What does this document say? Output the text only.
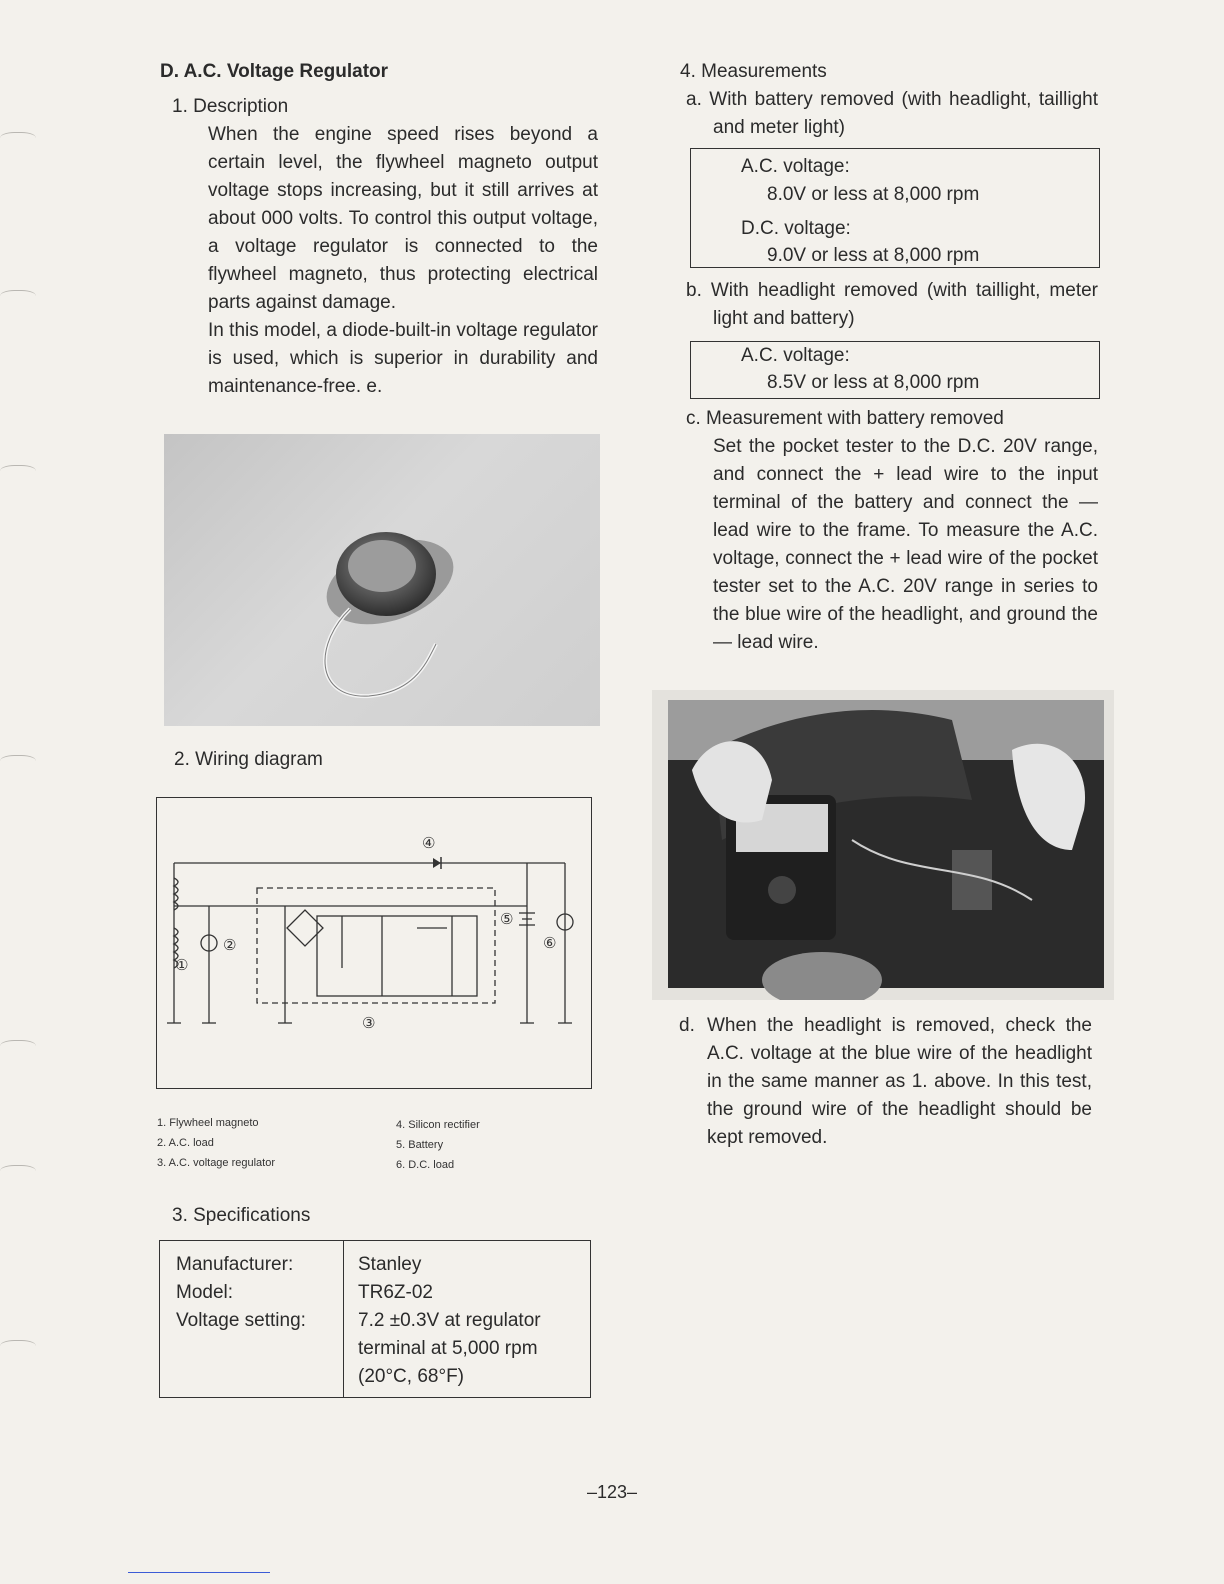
D. A.C. Voltage Regulator
1. Description
When the engine speed rises beyond a certain level, the flywheel magneto output voltage stops increasing, but it still arrives at about 000 volts. To control this output voltage, a voltage regulator is connected to the flywheel magneto, thus protecting electrical parts against damage.
In this model, a diode-built-in voltage regulator is used, which is superior in durability and maintenance-free. e.
2. Wiring diagram
①
②
③
④
⑤
⑥
1. Flywheel magneto
2. A.C. load
3. A.C. voltage regulator
4. Silicon rectifier
5. Battery
6. D.C. load
3. Specifications
Manufacturer:	Stanley
Model:	TR6Z-02
Voltage setting:	7.2 ±0.3V at regulator terminal at 5,000 rpm (20°C, 68°F)
4. Measurements
a. With battery removed (with headlight, taillight and meter light)
A.C. voltage:
8.0V or less at 8,000 rpm
D.C. voltage:
9.0V or less at 8,000 rpm
b. With headlight removed (with taillight, meter light and battery)
A.C. voltage:
8.5V or less at 8,000 rpm
c. Measurement with battery removed
Set the pocket tester to the D.C. 20V range, and connect the + lead wire to the input terminal of the battery and connect the — lead wire to the frame. To measure the A.C. voltage, connect the + lead wire of the pocket tester set to the A.C. 20V range in series to the blue wire of the headlight, and ground the — lead wire.
d. When the headlight is removed, check the A.C. voltage at the blue wire of the headlight in the same manner as 1. above. In this test, the ground wire of the headlight should be kept removed.
–123–
